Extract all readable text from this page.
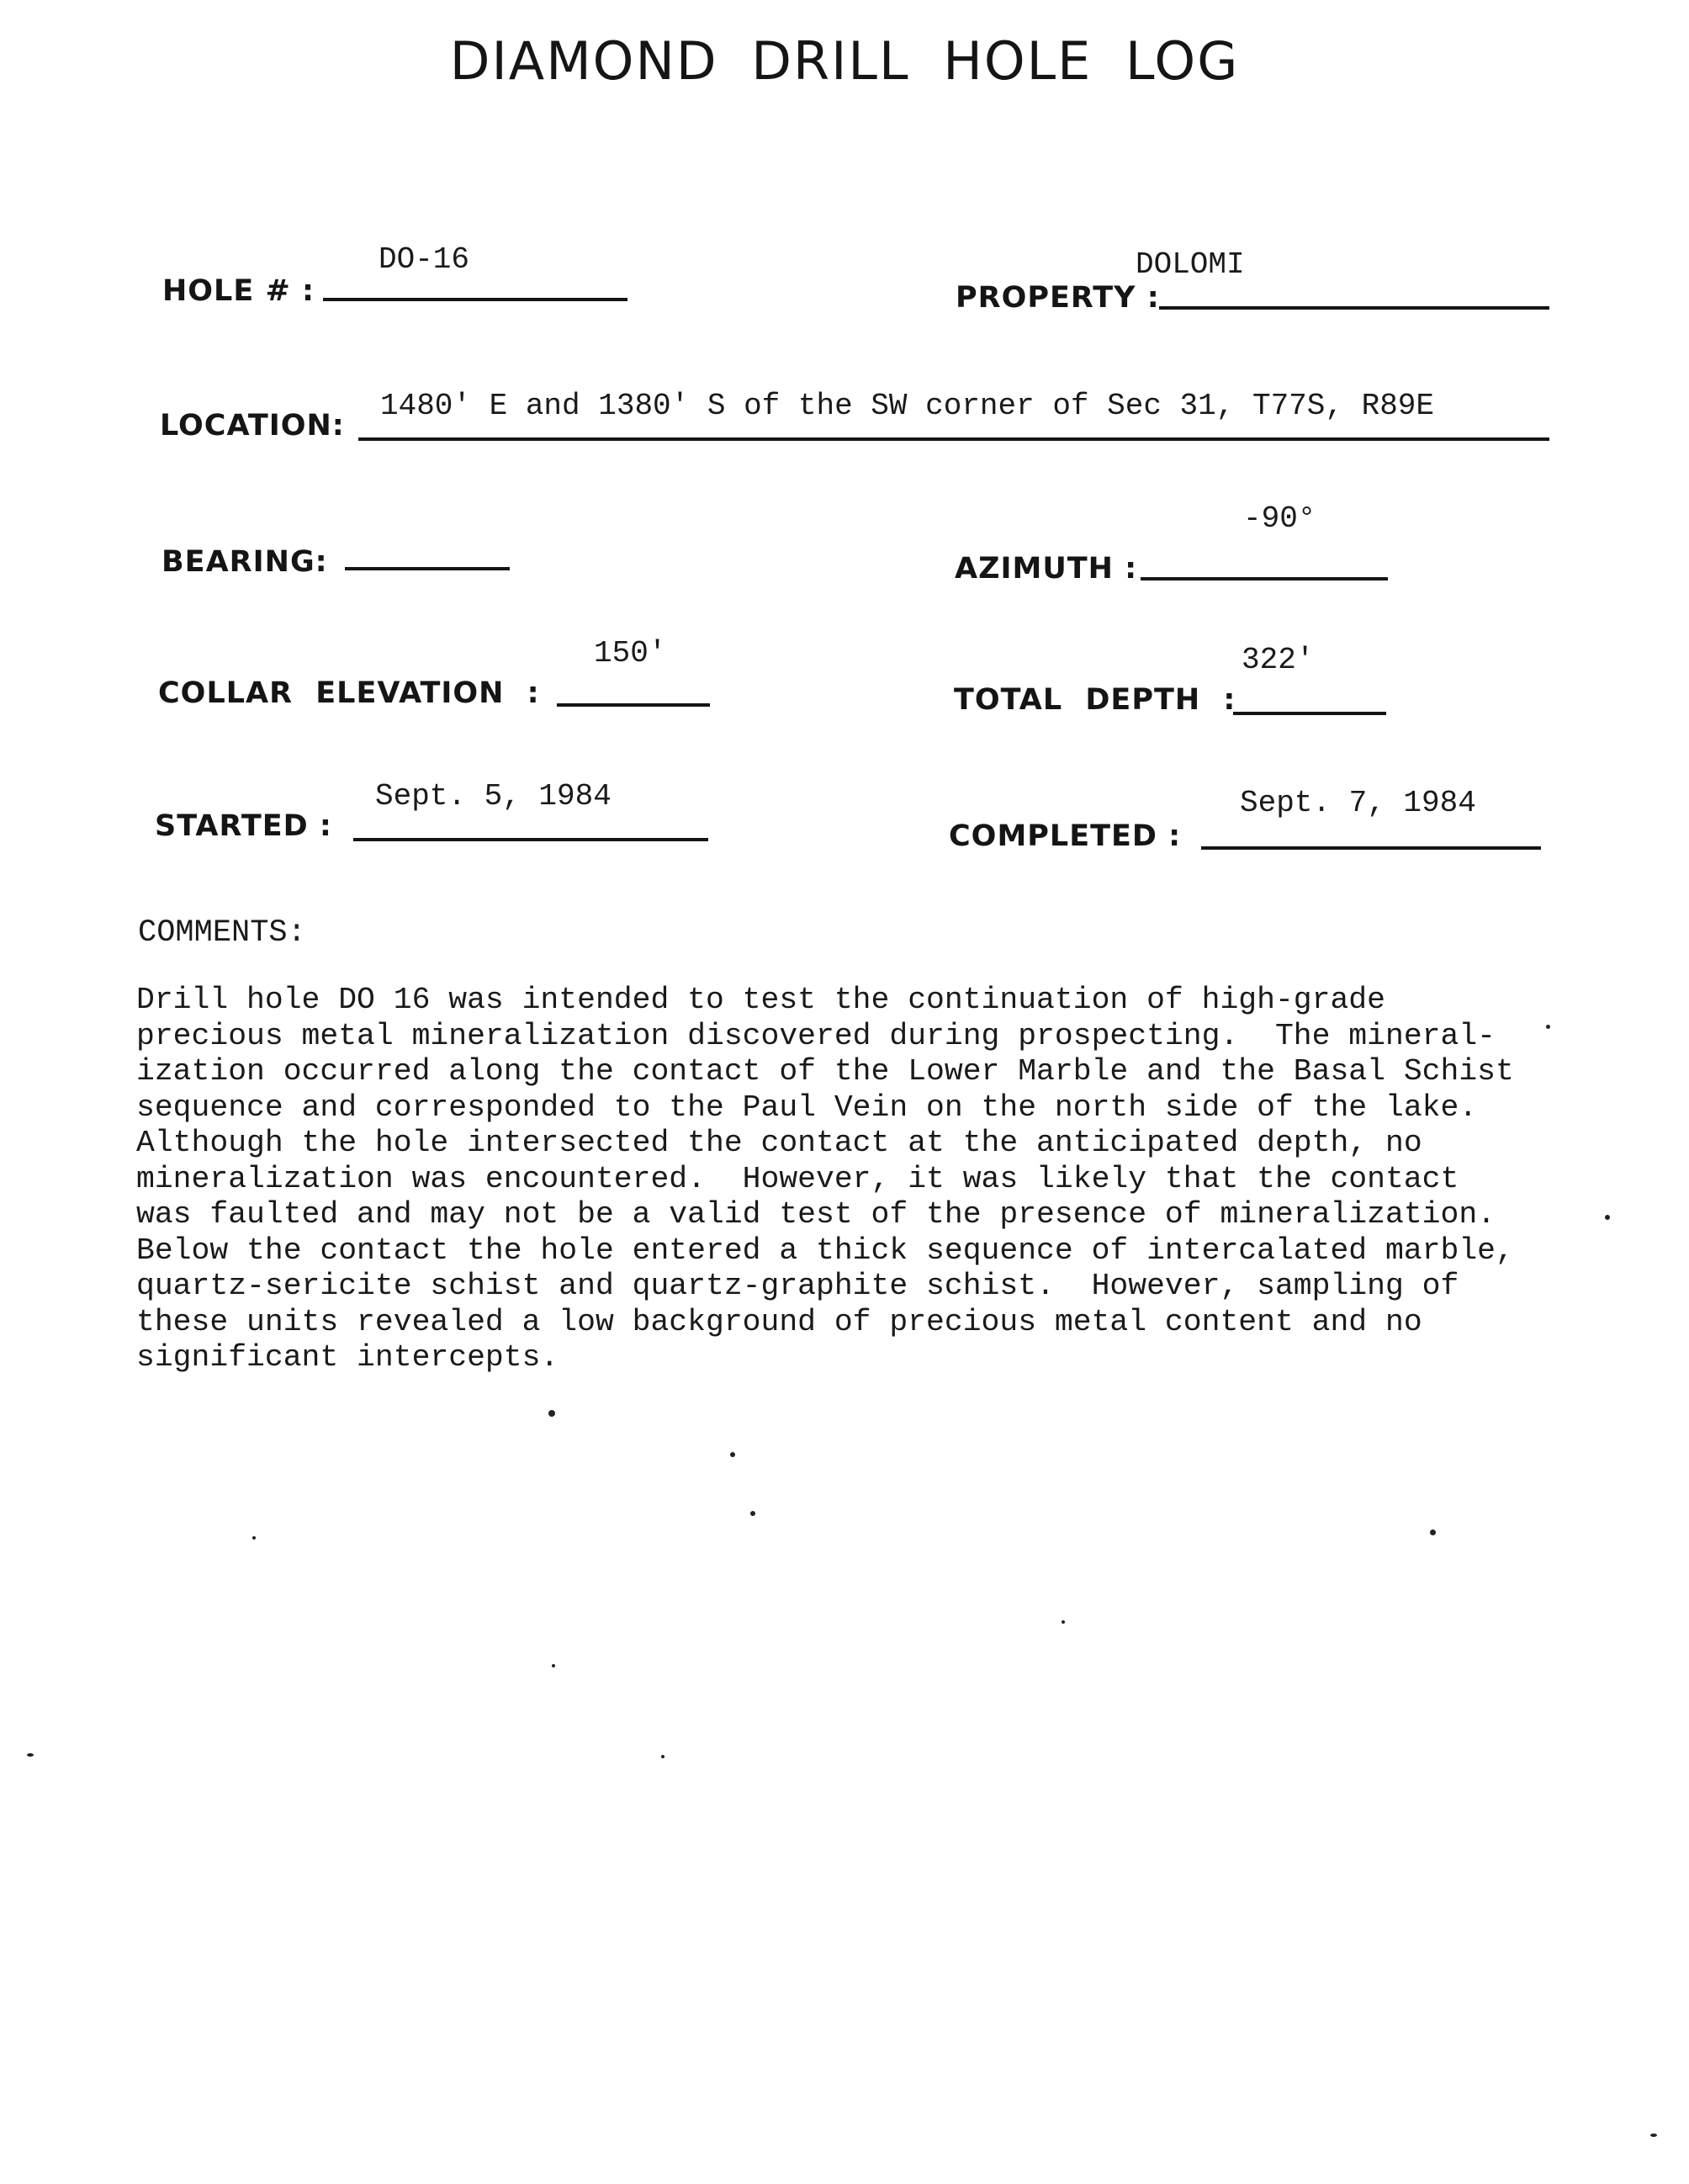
DIAMOND DRILL HOLE LOG
HOLE # :
DO-16
PROPERTY :
DOLOMI
LOCATION:
1480' E and 1380' S of the SW corner of Sec 31, T77S, R89E
BEARING:	AZIMUTH :
-90°
COLLAR ELEVATION :
150'
TOTAL DEPTH :
322'
STARTED :
Sept. 5, 1984
COMPLETED :
Sept. 7, 1984
COMMENTS:
Drill hole DO 16 was intended to test the continuation of high-grade
precious metal mineralization discovered during prospecting.  The mineral-
ization occurred along the contact of the Lower Marble and the Basal Schist
sequence and corresponded to the Paul Vein on the north side of the lake.
Although the hole intersected the contact at the anticipated depth, no
mineralization was encountered.  However, it was likely that the contact
was faulted and may not be a valid test of the presence of mineralization.
Below the contact the hole entered a thick sequence of intercalated marble,
quartz-sericite schist and quartz-graphite schist.  However, sampling of
these units revealed a low background of precious metal content and no
significant intercepts.
